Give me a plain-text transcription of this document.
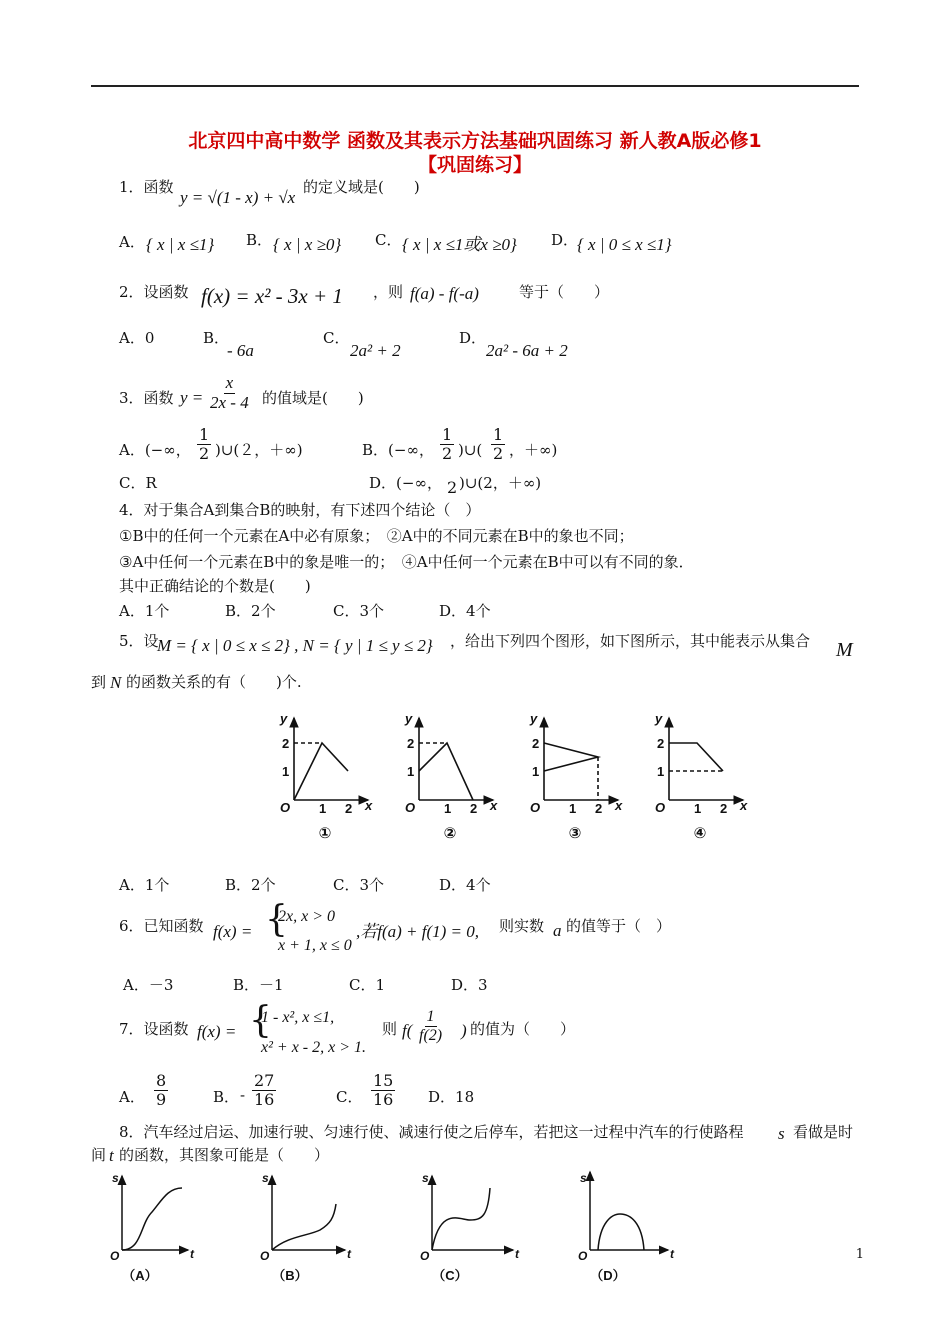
北京四中高中数学 函数及其表示方法基础巩固练习 新人教A版必修1
【巩固练习】
1．函数
y = √(1 - x) + √x
的定义域是(　　)
A． { x | x ≤1} B． { x | x ≥0} C． { x | x ≤1或x ≥0} D．
{ x | 0 ≤ x ≤1}
2．设函数 f(x) = x² - 3x + 1 ，则 f(a) - f(-a)	等于（　　）
A．0	B．
- 6a
C．
2a² + 2
D．
2a² - 6a + 2
3．函数 $y = \frac{x}{2x - 4}$ 的值域是(　　)
A．(−∞， $\frac{1}{2}$ )∪(２，＋∞)	B．(−∞， $\frac{1}{2}$ )∪( $\frac{1}{2}$ ，＋∞)
C．R	D．(−∞， 2 )∪(2，＋∞)
4．对于集合A到集合B的映射，有下述四个结论（　）
①B中的任何一个元素在A中必有原象；　②A中的不同元素在B中的象也不同；
③A中任何一个元素在B中的象是唯一的；　④A中任何一个元素在B中可以有不同的象．
其中正确结论的个数是(　　)
A．1个	B．2个	C．3个	D．4个
5．设
M = { x | 0 ≤ x ≤ 2} , N = { y | 1 ≤ y ≤ 2} ，给出下列四个图形，如下图所示，其中能表示从集合 M
到 N 的函数关系的有（　　)个.
y
x
O
1
2
1 2
①
y
x
O
1
2
1 2
②
y
x
O
1
2
1 2
③
y
x
O
1
2
1 2
④
A．1个	B．2个	C．3个	D．4个
6．已知函数 f(x) = {
2x, x > 0
x + 1, x ≤ 0
,若f(a) + f(1) = 0, 则实数 a 的值等于（　）
A．－3	B．－1	C．1	D．3
7．设函数 f(x) = {
1 - x², x ≤1,
x² + x - 2, x > 1.
则 $f( \frac{1}{f(2)}$ ) 的值为（　　）
A． $\frac{8}{9}$	B． - $\frac{27}{16}$	C． $\frac{15}{16}$ D．18
8．汽车经过启运、加速行驶、匀速行使、减速行使之后停车，若把这一过程中汽车的行使路程 s 看做是时
间 t 的函数，其图象可能是（　　）
s
t
O
（A）
s
t
O
（B）
s
t
O
（C）
s
t
O
（D）
1
